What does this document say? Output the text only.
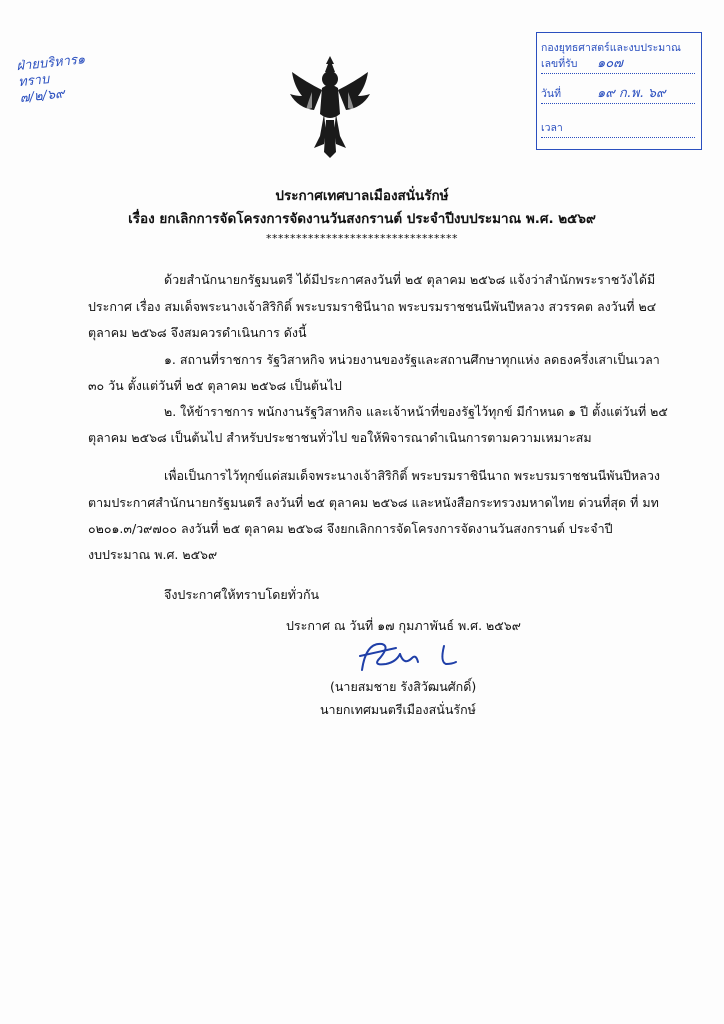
ฝ่ายบริหาร๑
ทราบ
๗/๒/๖๙
กองยุทธศาสตร์และงบประมาณ
เลขที่รับ ๑๐๗
วันที่	๑๙ ก.พ. ๖๙
เวลา
ประกาศเทศบาลเมืองสนั่นรักษ์
เรื่อง ยกเลิกการจัดโครงการจัดงานวันสงกรานต์ ประจำปีงบประมาณ พ.ศ. ๒๕๖๙
********************************
ด้วยสำนักนายกรัฐมนตรี ได้มีประกาศลงวันที่ ๒๕ ตุลาคม ๒๕๖๘ แจ้งว่าสำนักพระราชวังได้มี
ประกาศ เรื่อง สมเด็จพระนางเจ้าสิริกิติ์ พระบรมราชินีนาถ พระบรมราชชนนีพันปีหลวง สวรรคต ลงวันที่ ๒๔
ตุลาคม ๒๕๖๘ จึงสมควรดำเนินการ ดังนี้
๑. สถานที่ราชการ รัฐวิสาหกิจ หน่วยงานของรัฐและสถานศึกษาทุกแห่ง ลดธงครึ่งเสาเป็นเวลา
๓๐ วัน ตั้งแต่วันที่ ๒๕ ตุลาคม ๒๕๖๘ เป็นต้นไป
๒. ให้ข้าราชการ พนักงานรัฐวิสาหกิจ และเจ้าหน้าที่ของรัฐไว้ทุกข์ มีกำหนด ๑ ปี ตั้งแต่วันที่ ๒๕
ตุลาคม ๒๕๖๘ เป็นต้นไป สำหรับประชาชนทั่วไป ขอให้พิจารณาดำเนินการตามความเหมาะสม
เพื่อเป็นการไว้ทุกข์แด่สมเด็จพระนางเจ้าสิริกิติ์ พระบรมราชินีนาถ พระบรมราชชนนีพันปีหลวง
ตามประกาศสำนักนายกรัฐมนตรี ลงวันที่ ๒๕ ตุลาคม ๒๕๖๘ และหนังสือกระทรวงมหาดไทย ด่วนที่สุด ที่ มท
๐๒๐๑.๓/ว๙๗๐๐ ลงวันที่ ๒๕ ตุลาคม ๒๕๖๘ จึงยกเลิกการจัดโครงการจัดงานวันสงกรานต์ ประจำปี
งบประมาณ พ.ศ. ๒๕๖๙
จึงประกาศให้ทราบโดยทั่วกัน
ประกาศ ณ วันที่ ๑๗ กุมภาพันธ์ พ.ศ. ๒๕๖๙
(นายสมชาย รังสิวัฒนศักดิ์)
นายกเทศมนตรีเมืองสนั่นรักษ์
